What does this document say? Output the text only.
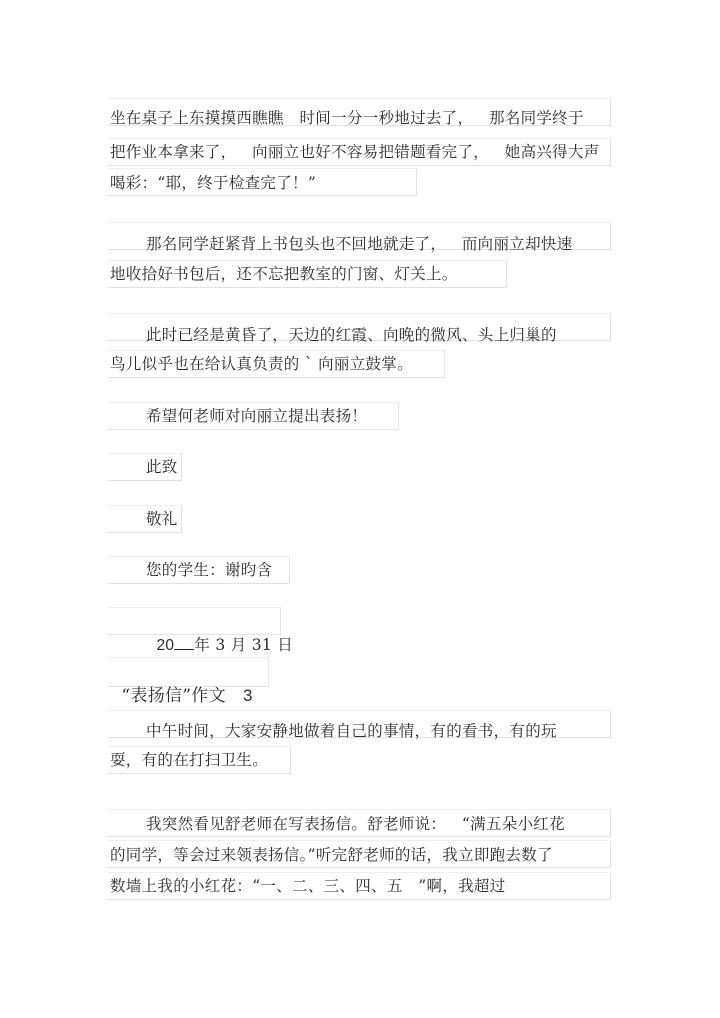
坐在桌子上东摸摸西瞧瞧   时间一分一秒地过去了，   那名同学终于
把作业本拿来了，   向丽立也好不容易把错题看完了，   她高兴得大声
喝彩：“耶，终于检查完了！”
那名同学赶紧背上书包头也不回地就走了，   而向丽立却快速
地收拾好书包后，还不忘把教室的门窗、灯关上。
此时已经是黄昏了，天边的红霞、向晚的微风、头上归巢的
鸟儿似乎也在给认真负责的 ` 向丽立鼓掌。
希望何老师对向丽立提出表扬！
此致
敬礼
您的学生：谢昀含

20 年 3 月 31 日

“表扬信”作文 3

中午时间，大家安静地做着自己的事情，有的看书，有的玩
耍，有的在打扫卫生。
我突然看见舒老师在写表扬信。舒老师说：   “满五朵小红花
的同学，等会过来领表扬信。”听完舒老师的话，我立即跑去数了
数墙上我的小红花：“一、二、三、四、五   ”啊，我超过
